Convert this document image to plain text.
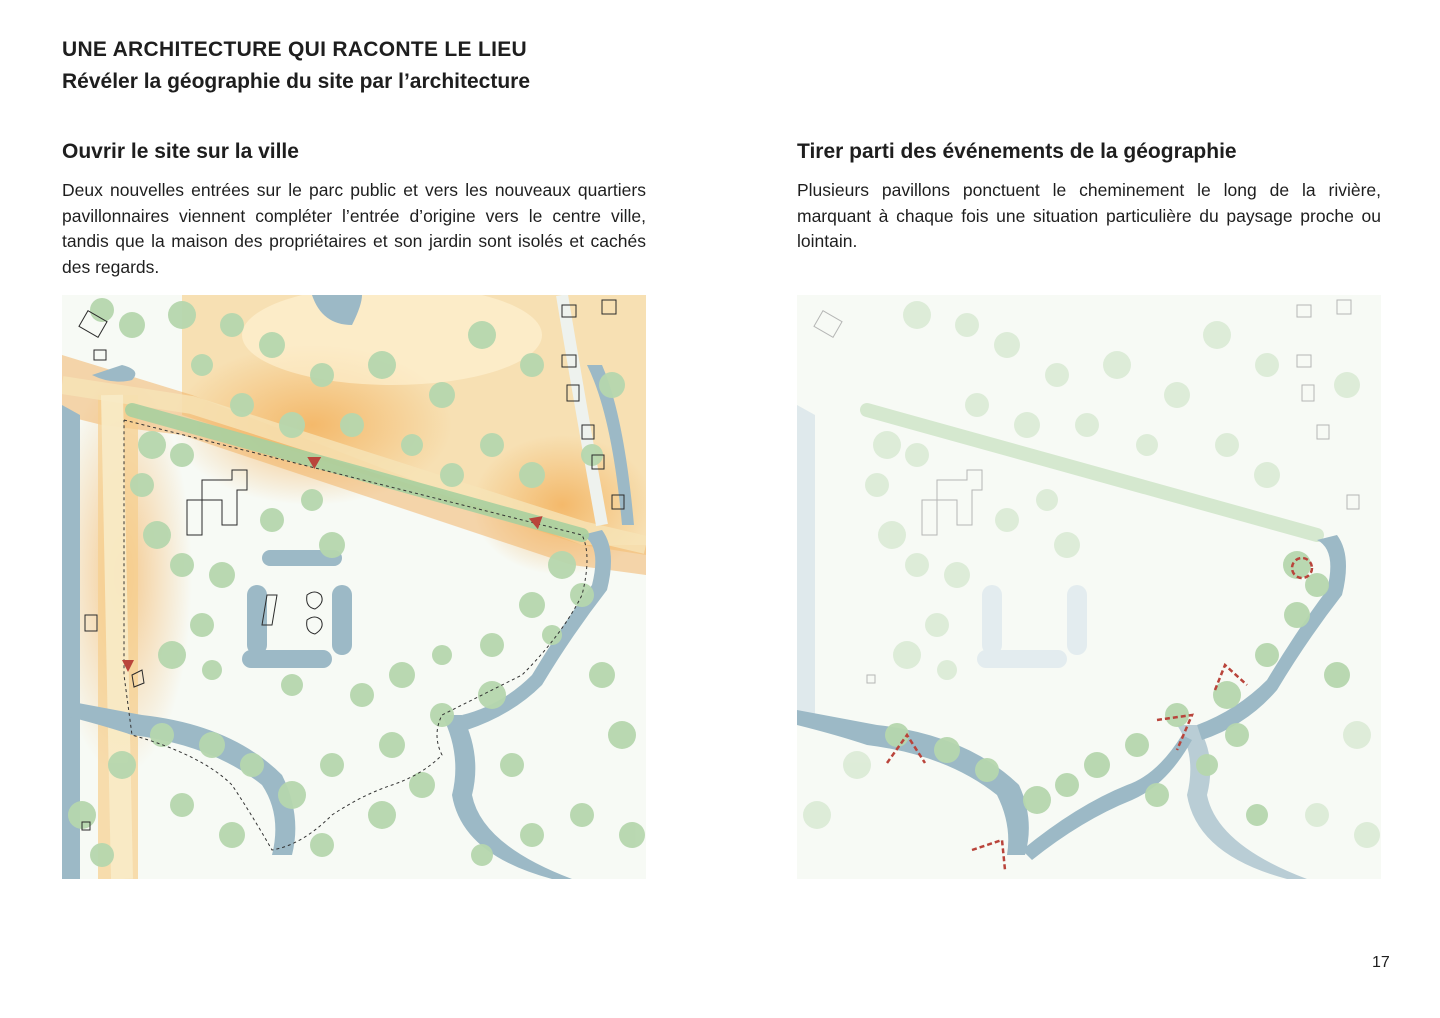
UNE ARCHITECTURE QUI RACONTE LE LIEU
Révéler la géographie du site par l’architecture
Ouvrir le site sur la ville

Deux nouvelles entrées sur le parc public et vers les nouveaux quartiers pavillonnaires viennent compléter l’entrée d’origine vers le centre ville, tandis que la maison des propriétaires et son jardin sont isolés et cachés des regards.

Tirer parti des événements de la géographie

Plusieurs pavillons ponctuent le cheminement le long de la rivière, marquant à chaque fois une situation particulière du paysage proche ou lointain.

17
